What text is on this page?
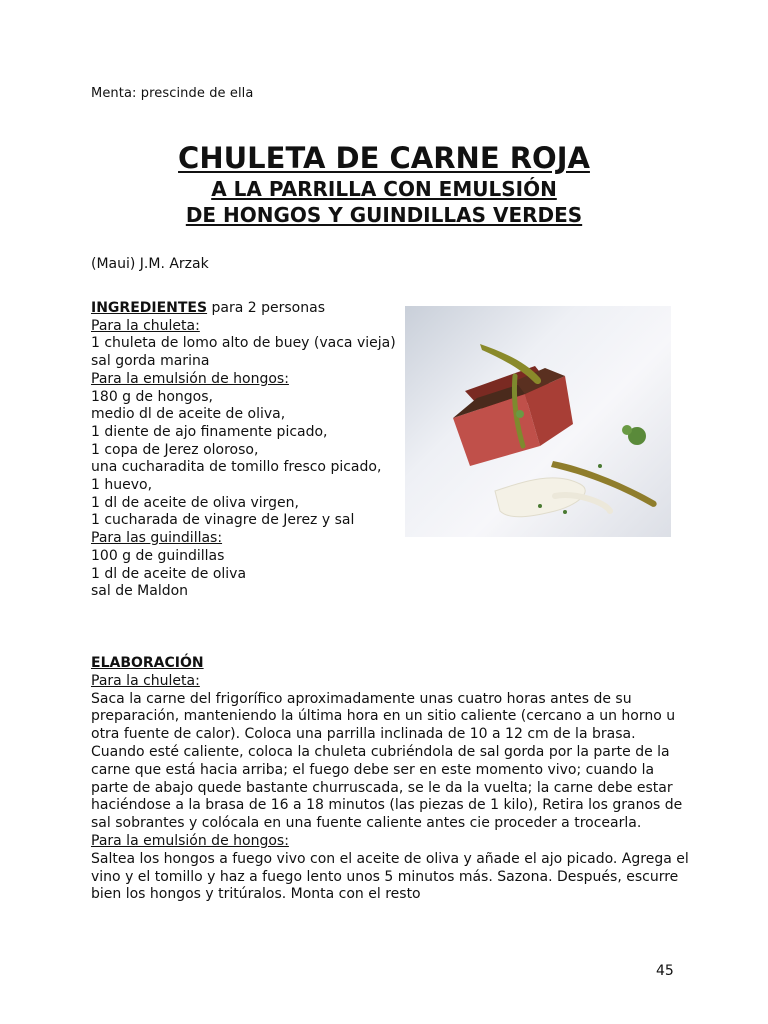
Menta: prescinde de ella
CHULETA DE CARNE ROJA
A LA PARRILLA CON EMULSIÓN
DE HONGOS Y GUINDILLAS VERDES
(Maui) J.M. Arzak
INGREDIENTES para 2 personas
Para la chuleta:
1 chuleta de lomo alto de buey (vaca vieja)
sal gorda marina
Para la emulsión de hongos:
180 g de hongos,
medio dl de aceite de oliva,
1 diente de ajo finamente picado,
1 copa de Jerez oloroso,
una cucharadita de tomillo fresco picado,
1 huevo,
1 dl de aceite de oliva virgen,
1 cucharada de vinagre de Jerez y sal
Para las guindillas:
100 g de guindillas
1 dl de aceite de oliva
sal de Maldon
ELABORACIÓN
Para la chuleta:
Saca la carne del frigorífico aproximadamente unas cuatro horas antes de su preparación, manteniendo la última hora en un sitio caliente (cercano a un horno u otra fuente de calor). Coloca una parrilla inclinada de 10 a 12 cm de la brasa. Cuando esté caliente, coloca la chuleta cubriéndola de sal gorda por la parte de la carne que está hacia arriba; el fuego debe ser en este momento vivo; cuando la parte de abajo quede bastante churruscada, se le da la vuelta; la carne debe estar haciéndose a la brasa de 16 a 18 minutos (las piezas de 1 kilo), Retira los granos de sal sobrantes y colócala en una fuente caliente antes cie proceder a trocearla.
Para la emulsión de hongos:
Saltea los hongos a fuego vivo con el aceite de oliva y añade el ajo picado. Agrega el vino y el tomillo y haz a fuego lento unos 5 minutos más. Sazona. Después, escurre bien los hongos y tritúralos. Monta con el resto
45
